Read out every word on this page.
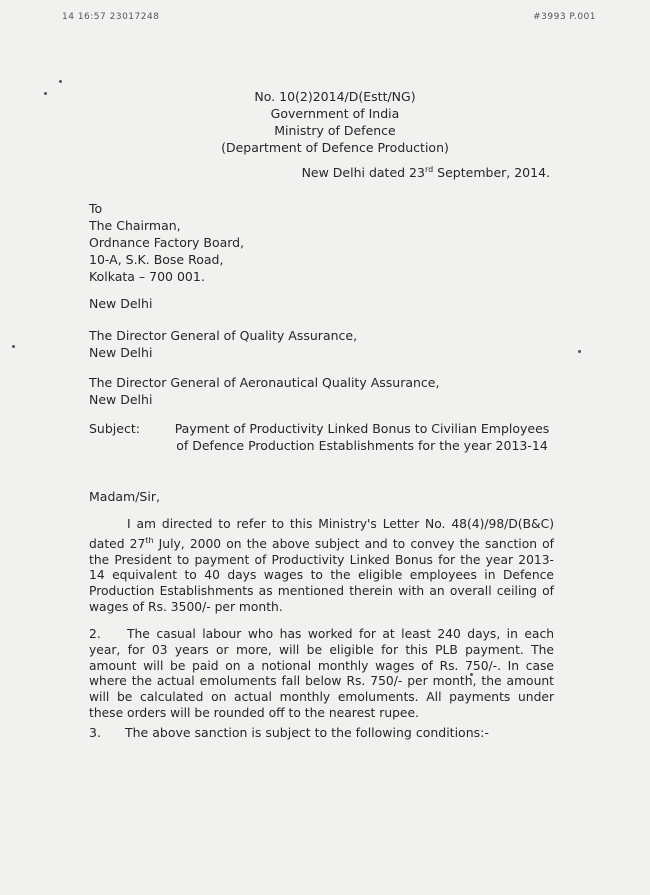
14 16:57 23017248	#3993 P.001
No. 10(2)2014/D(Estt/NG)
Government of India
Ministry of Defence
(Department of Defence Production)
New Delhi dated 23rd September, 2014.
To
The Chairman,
Ordnance Factory Board,
10-A, S.K. Bose Road,
Kolkata – 700 001.
New Delhi
The Director General of Quality Assurance,
New Delhi
The Director General of Aeronautical Quality Assurance,
New Delhi
Subject:	Payment of Productivity Linked Bonus to Civilian Employees of Defence Production Establishments for the year 2013-14
Madam/Sir,
I am directed to refer to this Ministry's Letter No. 48(4)/98/D(B&C) dated 27th July, 2000 on the above subject and to convey the sanction of the President to payment of Productivity Linked Bonus for the year 2013-14 equivalent to 40 days wages to the eligible employees in Defence Production Establishments as mentioned therein with an overall ceiling of wages of Rs. 3500/- per month.
2. The casual labour who has worked for at least 240 days, in each year, for 03 years or more, will be eligible for this PLB payment. The amount will be paid on a notional monthly wages of Rs. 750/-. In case where the actual emoluments fall below Rs. 750/- per month, the amount will be calculated on actual monthly emoluments. All payments under these orders will be rounded off to the nearest rupee.
3. The above sanction is subject to the following conditions:-
